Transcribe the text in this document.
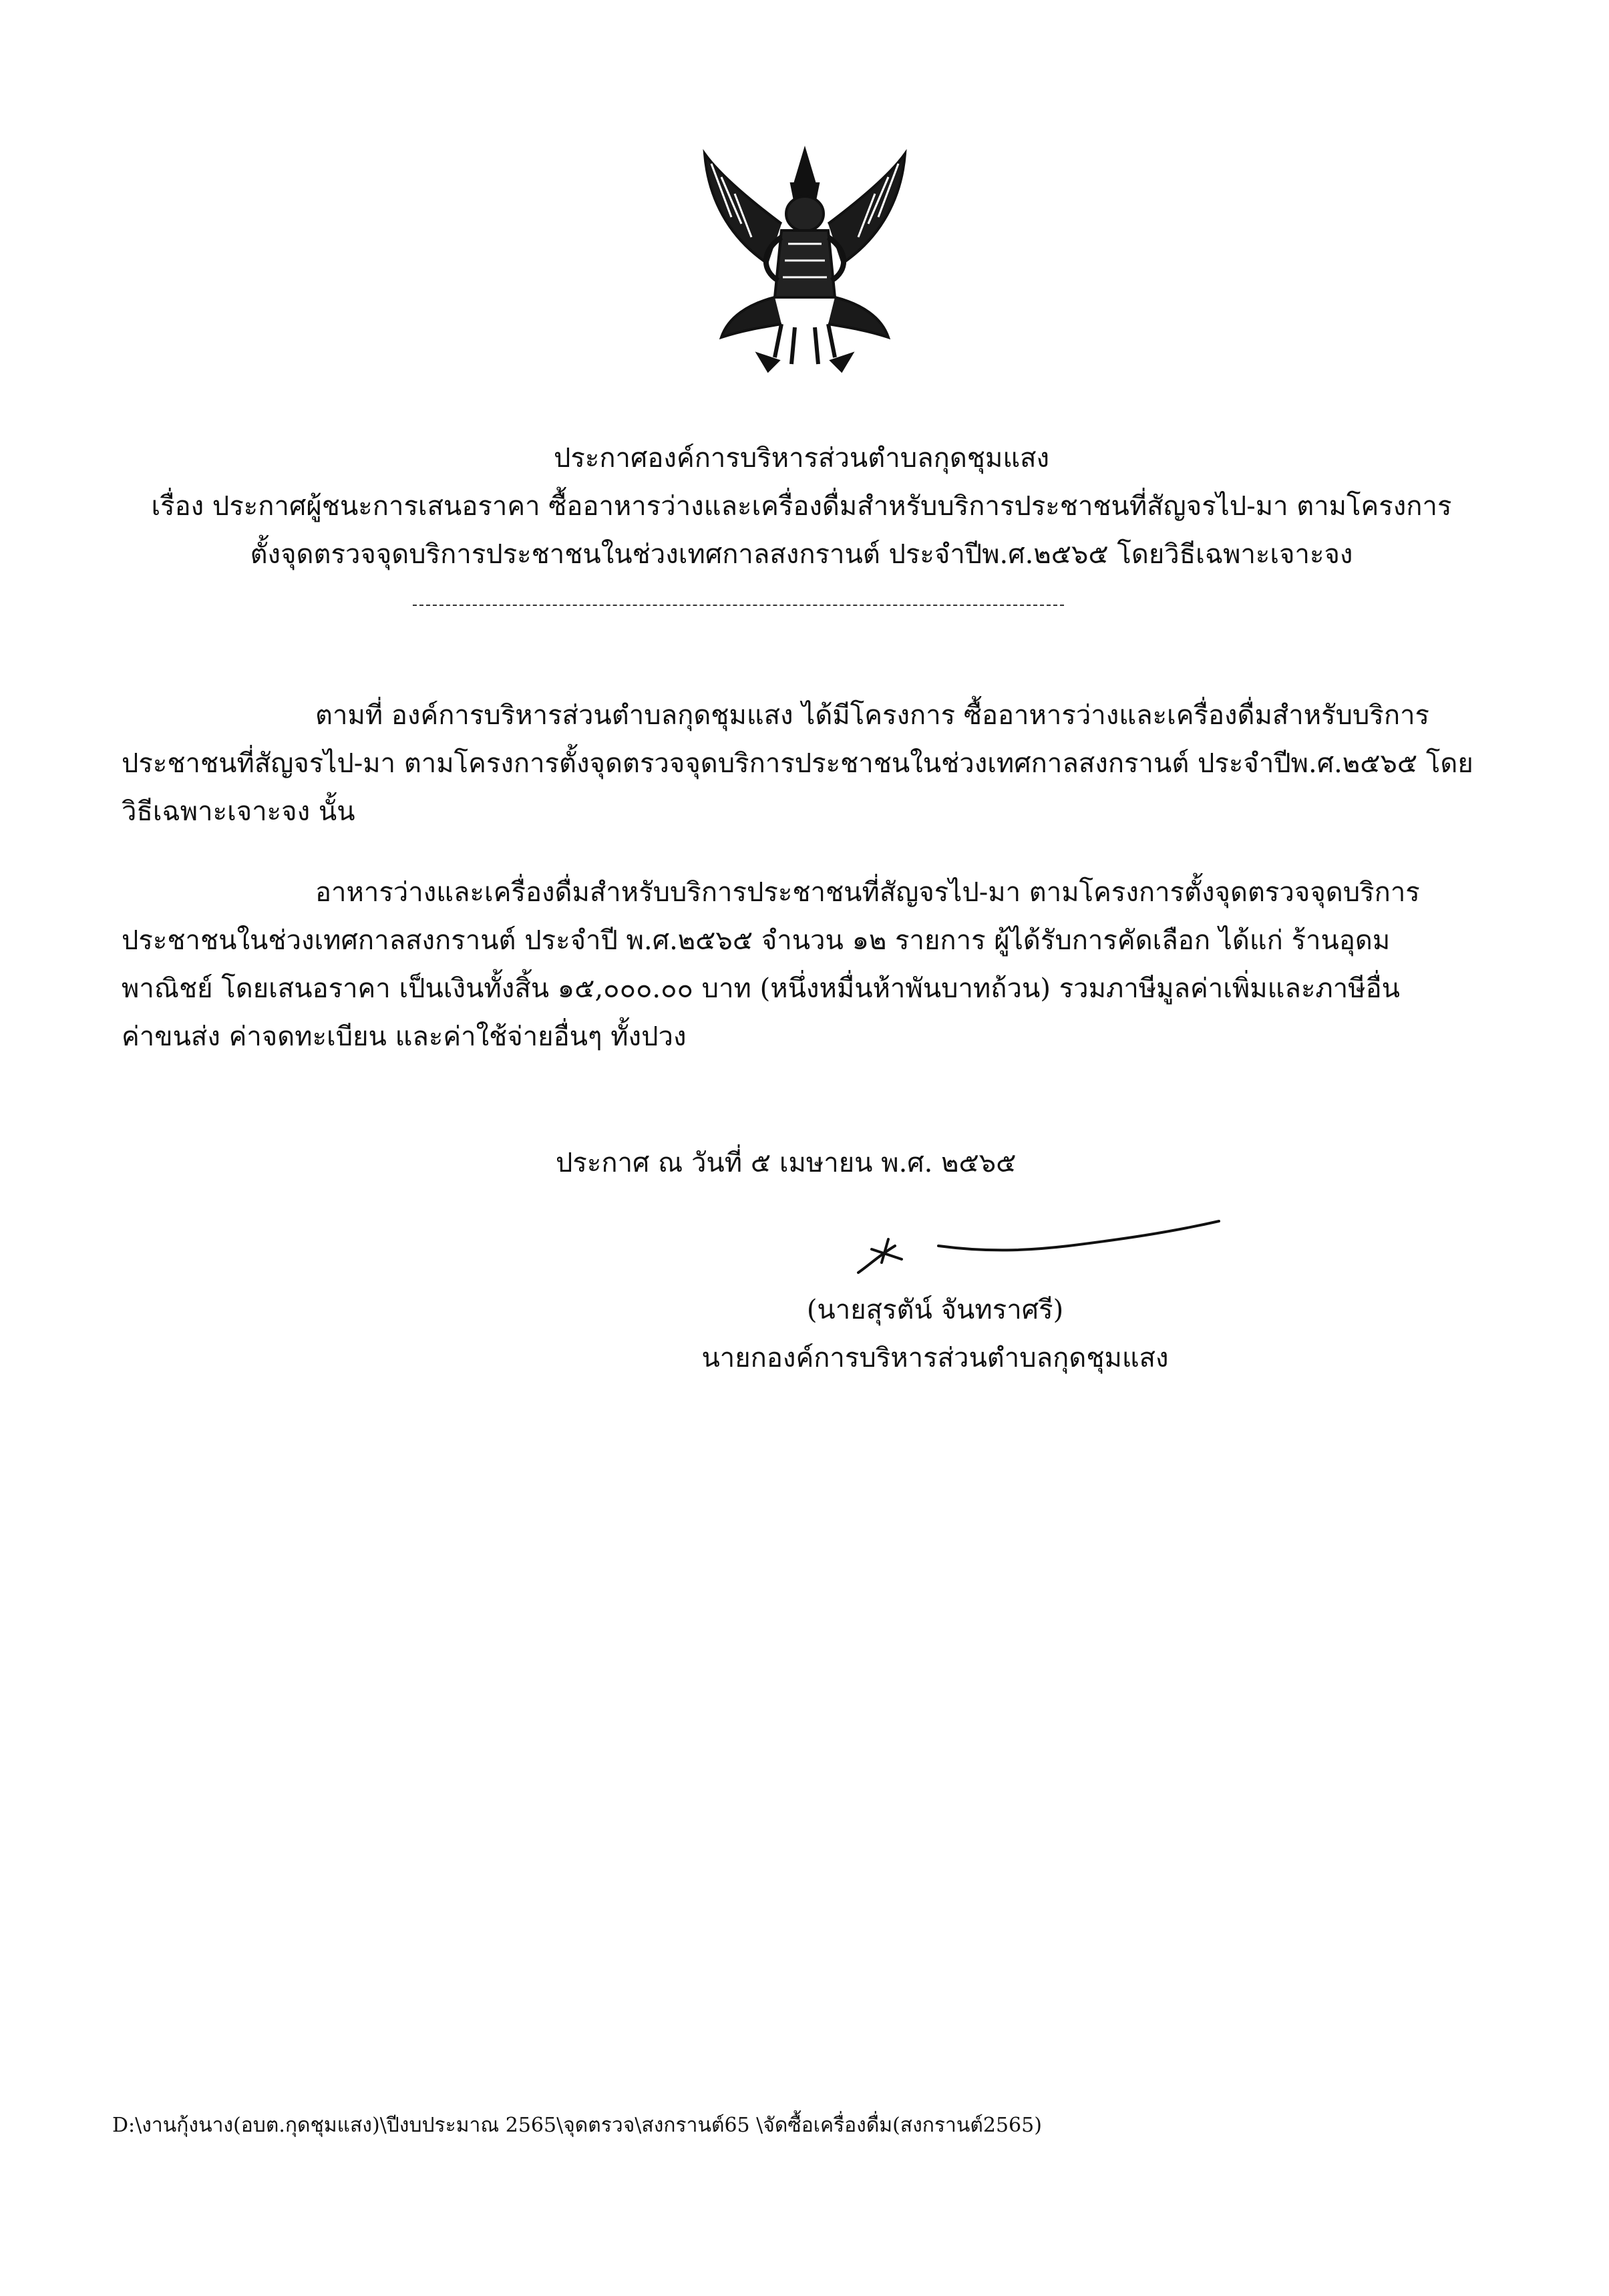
ประกาศองค์การบริหารส่วนตำบลกุดชุมแสง
เรื่อง ประกาศผู้ชนะการเสนอราคา ซื้ออาหารว่างและเครื่องดื่มสำหรับบริการประชาชนที่สัญจรไป-มา ตามโครงการ
ตั้งจุดตรวจจุดบริการประชาชนในช่วงเทศกาลสงกรานต์ ประจำปีพ.ศ.๒๕๖๕ โดยวิธีเฉพาะเจาะจง
ตามที่ องค์การบริหารส่วนตำบลกุดชุมแสง ได้มีโครงการ ซื้ออาหารว่างและเครื่องดื่มสำหรับบริการ
ประชาชนที่สัญจรไป-มา ตามโครงการตั้งจุดตรวจจุดบริการประชาชนในช่วงเทศกาลสงกรานต์ ประจำปีพ.ศ.๒๕๖๕ โดย
วิธีเฉพาะเจาะจง นั้น
อาหารว่างและเครื่องดื่มสำหรับบริการประชาชนที่สัญจรไป-มา ตามโครงการตั้งจุดตรวจจุดบริการ
ประชาชนในช่วงเทศกาลสงกรานต์ ประจำปี พ.ศ.๒๕๖๕ จำนวน ๑๒ รายการ ผู้ได้รับการคัดเลือก ได้แก่ ร้านอุดม
พาณิชย์ โดยเสนอราคา เป็นเงินทั้งสิ้น ๑๕,๐๐๐.๐๐ บาท (หนึ่งหมื่นห้าพันบาทถ้วน) รวมภาษีมูลค่าเพิ่มและภาษีอื่น
ค่าขนส่ง ค่าจดทะเบียน และค่าใช้จ่ายอื่นๆ ทั้งปวง
ประกาศ ณ วันที่ ๕ เมษายน พ.ศ. ๒๕๖๕
(นายสุรตัน์ จันทราศรี)
นายกองค์การบริหารส่วนตำบลกุดชุมแสง
D:\งานกุ้งนาง(อบต.กุดชุมแสง)\ปีงบประมาณ 2565\จุดตรวจ\สงกรานต์65 \จัดซื้อเครื่องดื่ม(สงกรานต์2565)
